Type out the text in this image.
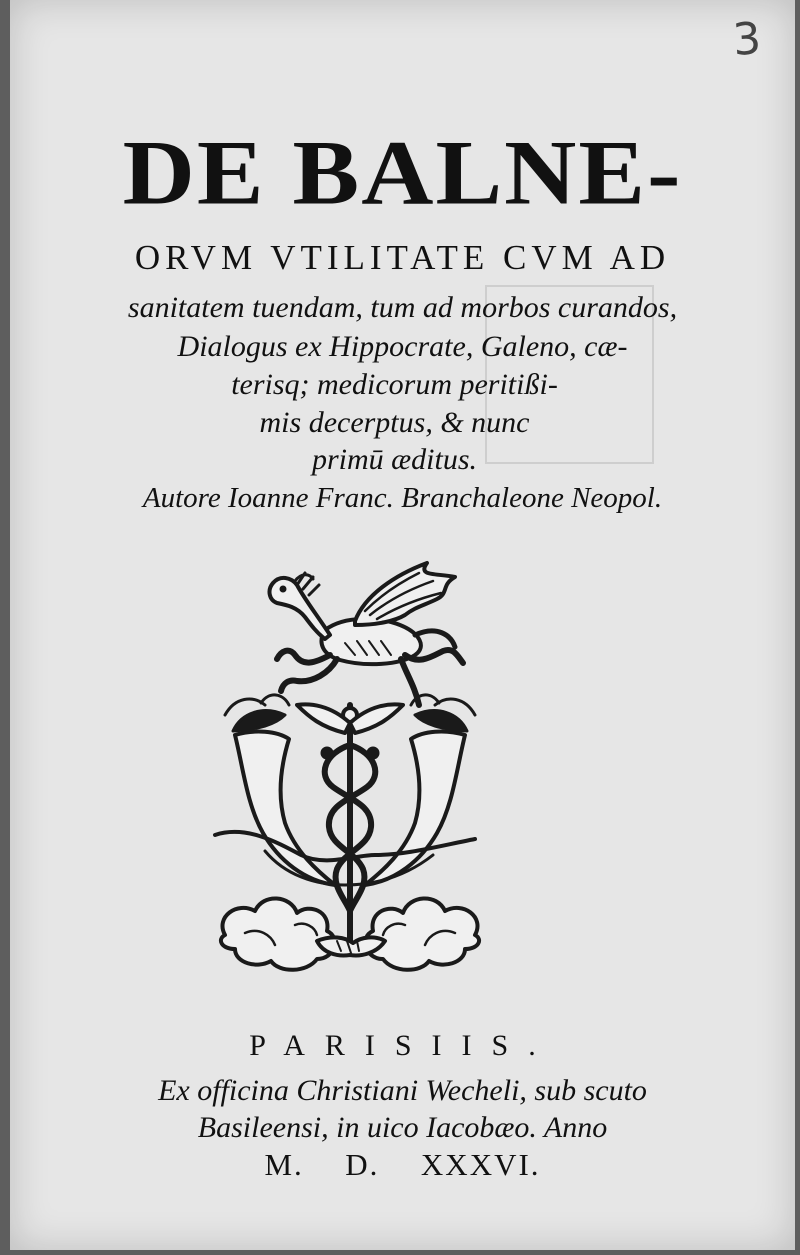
3
DE BALNE-
ORVM VTILITATE CVM AD
sanitatem tuendam, tum ad morbos curandos,
Dialogus ex Hippocrate, Galeno, cæ-
terisq; medicorum peritißi-
mis decerptus, & nunc
primū æditus.
Autore Ioanne Franc. Branchaleone Neopol.
PARISIIS.
Ex officina Christiani Wecheli, sub scuto
Basileensi, in uico Iacobæo. Anno
M. D. XXXVI.
